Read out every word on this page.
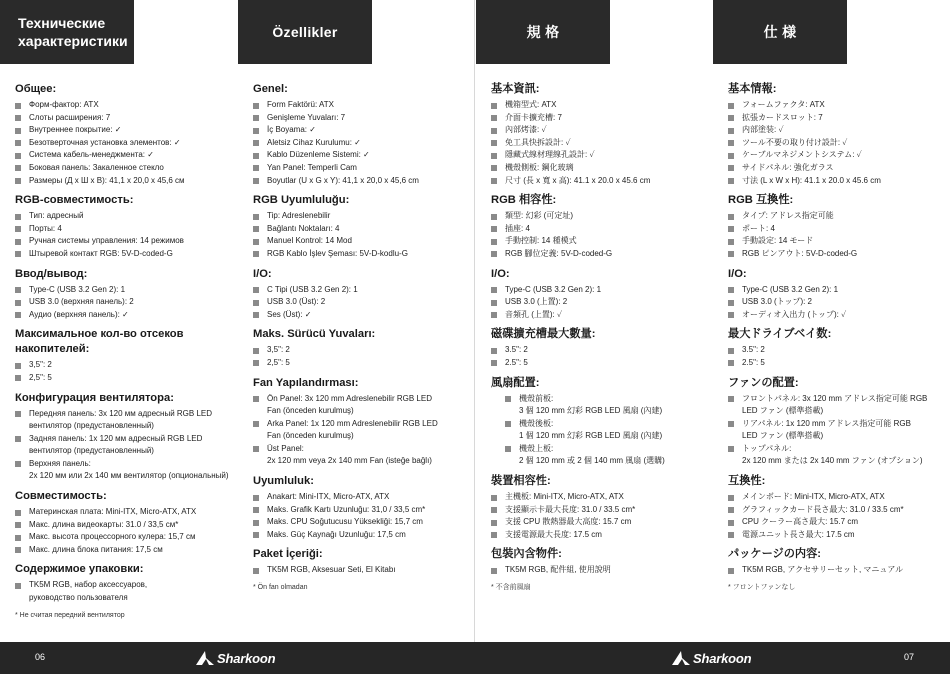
Технические
характеристики
Özellikler	規 格	仕 様
Общее:
Форм-фактор: ATX
Слоты расширения: 7
Внутреннее покрытие: ✓
Безотверточная установка элементов: ✓
Система кабель-менеджмента: ✓
Боковая панель: Закаленное стекло
Размеры (Д х Ш х В): 41,1 х 20,0 х 45,6 см
RGB-совместимость:
Тип: адресный
Порты: 4
Ручная системы управления: 14 режимов
Штыревой контакт RGB: 5V-D-coded-G
Ввод/вывод:
Type-C (USB 3.2 Gen 2): 1
USB 3.0 (верхняя панель): 2
Аудио (верхняя панель): ✓
Максимальное кол-во отсеков накопителей:
3,5": 2
2,5": 5
Конфигурация вентилятора:
Передняя панель: 3x 120 мм адресный RGB LED
вентилятор (предустановленный)
Задняя панель: 1x 120 мм адресный RGB LED
вентилятор (предустановленный)
Верхняя панель:
2x 120 мм или 2x 140 мм вентилятор (опциональный)
Совместимость:
Материнская плата: Mini-ITX, Micro-ATX, ATX
Макс. длина видеокарты: 31.0 / 33,5 см*
Макс. высота процессорного кулера: 15,7 см
Макс. длина блока питания: 17,5 см
Содержимое упаковки:
TK5M RGB, набор аксессуаров,
руководство пользователя
* Не считая передний вентилятор
Genel:
Form Faktörü: ATX
Genişleme Yuvaları: 7
İç Boyama: ✓
Aletsiz Cihaz Kurulumu: ✓
Kablo Düzenleme Sistemi: ✓
Yan Panel: Temperli Cam
Boyutlar (U x G x Y): 41,1 x 20,0 x 45,6 cm
RGB Uyumluluğu:
Tip: Adreslenebilir
Bağlantı Noktaları: 4
Manuel Kontrol: 14 Mod
RGB Kablo İşlev Şeması: 5V-D-kodlu-G
I/O:
C Tipi (USB 3.2 Gen 2): 1
USB 3.0 (Üst): 2
Ses (Üst): ✓
Maks. Sürücü Yuvaları:
3,5": 2
2,5": 5
Fan Yapılandırması:
Ön Panel: 3x 120 mm Adreslenebilir RGB LED
Fan (önceden kurulmuş)
Arka Panel: 1x 120 mm Adreslenebilir RGB LED
Fan (önceden kurulmuş)
Üst Panel:
2x 120 mm veya 2x 140 mm Fan (isteğe bağlı)
Uyumluluk:
Anakart: Mini-ITX, Micro-ATX, ATX
Maks. Grafik Kartı Uzunluğu: 31,0 / 33,5 cm*
Maks. CPU Soğutucusu Yüksekliği: 15,7 cm
Maks. Güç Kaynağı Uzunluğu: 17,5 cm
Paket İçeriği:
TK5M RGB, Aksesuar Seti, El Kitabı
* Ön fan olmadan
基本資訊:
機箱型式: ATX
介面卡擴充槽: 7
內部烤漆: ✓
免工具快拆設計: ✓
隱藏式線材理線孔設計: ✓
機殼側板: 鋼化玻璃
尺寸 (長 x 寬 x 高): 41.1 x 20.0 x 45.6 cm
RGB 相容性:
類型: 幻彩 (可定址)
插座: 4
手動控制: 14 種模式
RGB 腳位定義: 5V-D-coded-G
I/O:
Type-C (USB 3.2 Gen 2): 1
USB 3.0 (上置): 2
音頻孔 (上置): ✓
磁碟擴充槽最大數量:
3.5": 2
2.5": 5
風扇配置:
機殼前板:
3 個 120 mm 幻彩 RGB LED 風扇 (內建)
機殼後板:
1 個 120 mm 幻彩 RGB LED 風扇 (內建)
機殼上板:
2 個 120 mm 或 2 個 140 mm 風扇 (選購)
裝置相容性:
主機板: Mini-ITX, Micro-ATX, ATX
支援顯示卡最大長度: 31.0 / 33.5 cm*
支援 CPU 散熱器最大高度: 15.7 cm
支援電源最大長度: 17.5 cm
包裝內含物件:
TK5M RGB, 配件組, 使用說明
* 不含前風扇
基本情報:
フォームファクタ: ATX
拡張カードスロット: 7
内部塗装: ✓
ツール不要の取り付け設計: ✓
ケーブルマネジメントシステム: ✓
サイドパネル: 強化ガラス
寸法 (L x W x H): 41.1 x 20.0 x 45.6 cm
RGB 互換性:
タイプ: アドレス指定可能
ポート: 4
手動設定: 14 モード
RGB ピンアウト: 5V-D-coded-G
I/O:
Type-C (USB 3.2 Gen 2): 1
USB 3.0 (トップ): 2
オーディオ入出力 (トップ): ✓
最大ドライブベイ数:
3.5": 2
2.5": 5
ファンの配置:
フロントパネル: 3x 120 mm アドレス指定可能 RGB
LED ファン (標準搭載)
リアパネル: 1x 120 mm アドレス指定可能 RGB
LED ファン (標準搭載)
トップパネル:
2x 120 mm または 2x 140 mm ファン (オプション)
互換性:
メインボード: Mini-ITX, Micro-ATX, ATX
グラフィックカード長さ最大: 31.0 / 33.5 cm*
CPU クーラー高さ最大: 15.7 cm
電源ユニット長さ最大: 17.5 cm
パッケージの内容:
TK5M RGB, アクセサリーセット, マニュアル
* フロントファンなし
06	Sharkoon	Sharkoon	07
